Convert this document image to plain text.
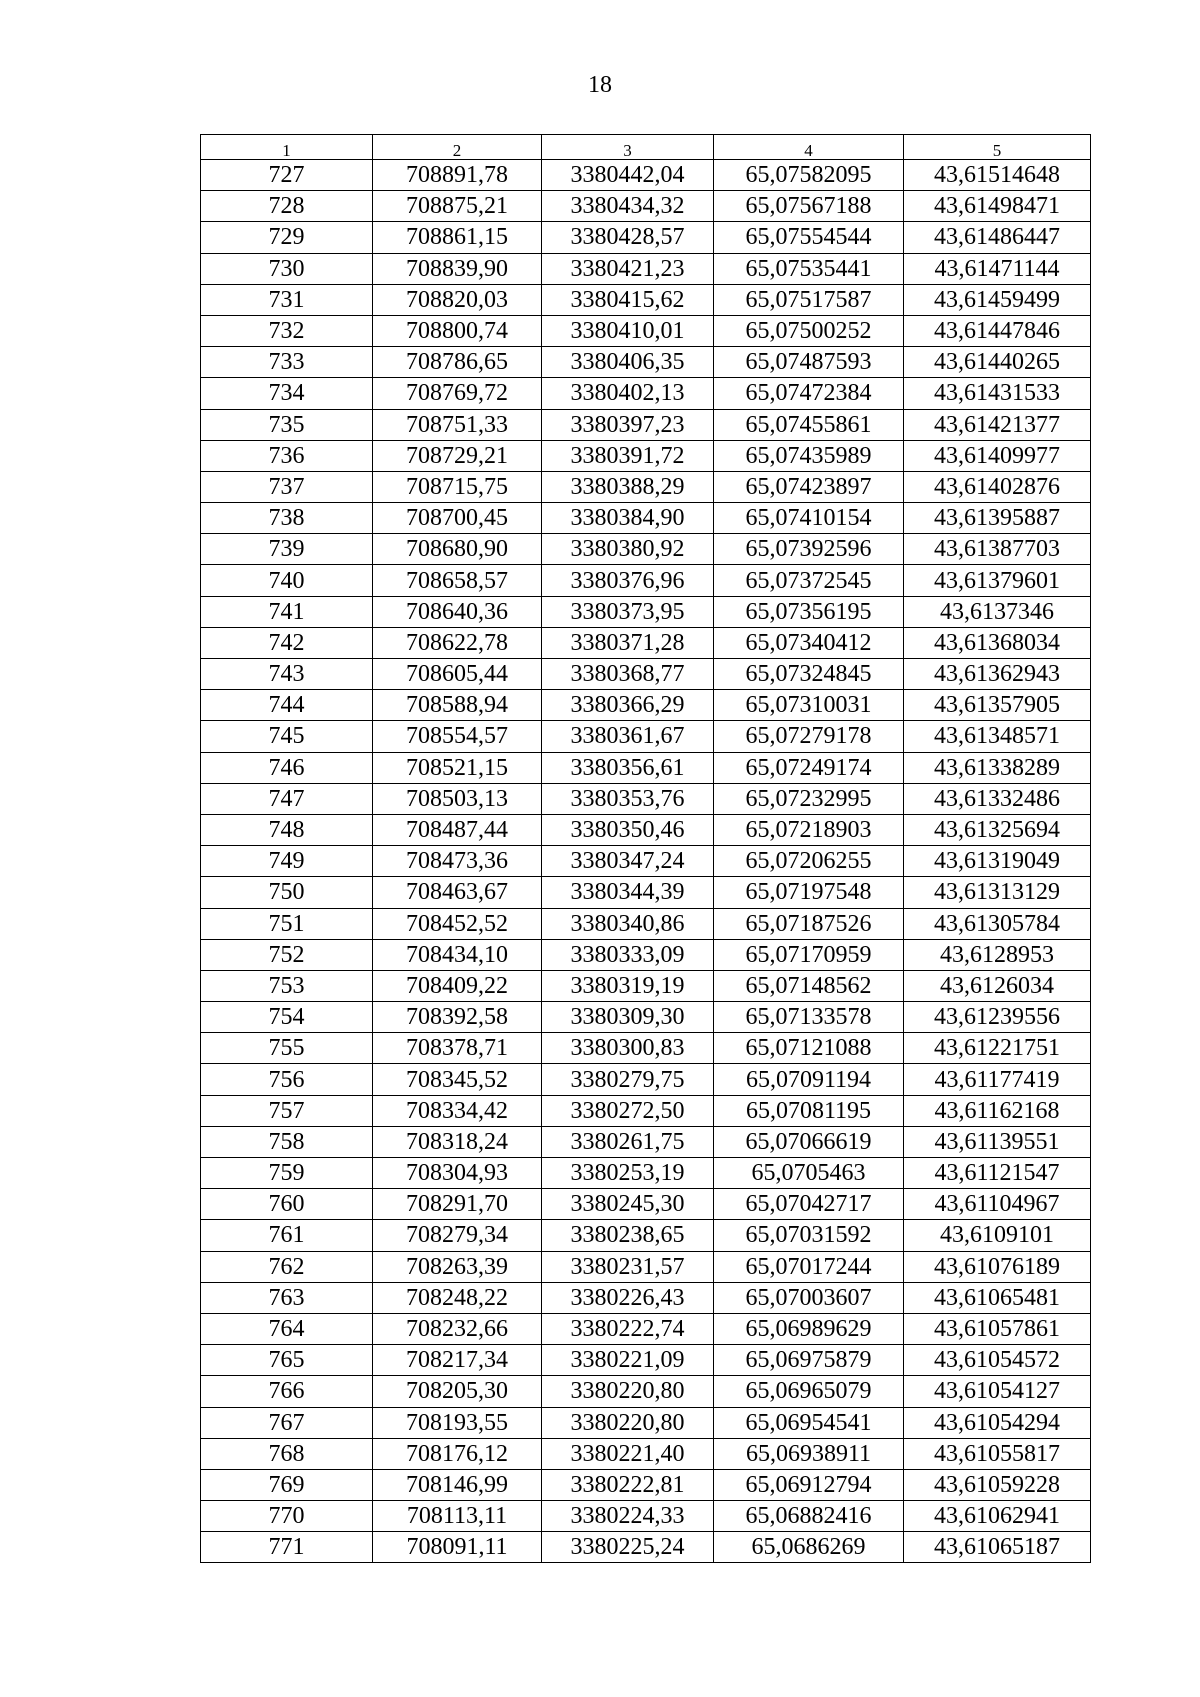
18
1	2	3	4	5
727	708891,78	3380442,04	65,07582095	43,61514648
728	708875,21	3380434,32	65,07567188	43,61498471
729	708861,15	3380428,57	65,07554544	43,61486447
730	708839,90	3380421,23	65,07535441	43,61471144
731	708820,03	3380415,62	65,07517587	43,61459499
732	708800,74	3380410,01	65,07500252	43,61447846
733	708786,65	3380406,35	65,07487593	43,61440265
734	708769,72	3380402,13	65,07472384	43,61431533
735	708751,33	3380397,23	65,07455861	43,61421377
736	708729,21	3380391,72	65,07435989	43,61409977
737	708715,75	3380388,29	65,07423897	43,61402876
738	708700,45	3380384,90	65,07410154	43,61395887
739	708680,90	3380380,92	65,07392596	43,61387703
740	708658,57	3380376,96	65,07372545	43,61379601
741	708640,36	3380373,95	65,07356195	43,6137346
742	708622,78	3380371,28	65,07340412	43,61368034
743	708605,44	3380368,77	65,07324845	43,61362943
744	708588,94	3380366,29	65,07310031	43,61357905
745	708554,57	3380361,67	65,07279178	43,61348571
746	708521,15	3380356,61	65,07249174	43,61338289
747	708503,13	3380353,76	65,07232995	43,61332486
748	708487,44	3380350,46	65,07218903	43,61325694
749	708473,36	3380347,24	65,07206255	43,61319049
750	708463,67	3380344,39	65,07197548	43,61313129
751	708452,52	3380340,86	65,07187526	43,61305784
752	708434,10	3380333,09	65,07170959	43,6128953
753	708409,22	3380319,19	65,07148562	43,6126034
754	708392,58	3380309,30	65,07133578	43,61239556
755	708378,71	3380300,83	65,07121088	43,61221751
756	708345,52	3380279,75	65,07091194	43,61177419
757	708334,42	3380272,50	65,07081195	43,61162168
758	708318,24	3380261,75	65,07066619	43,61139551
759	708304,93	3380253,19	65,0705463	43,61121547
760	708291,70	3380245,30	65,07042717	43,61104967
761	708279,34	3380238,65	65,07031592	43,6109101
762	708263,39	3380231,57	65,07017244	43,61076189
763	708248,22	3380226,43	65,07003607	43,61065481
764	708232,66	3380222,74	65,06989629	43,61057861
765	708217,34	3380221,09	65,06975879	43,61054572
766	708205,30	3380220,80	65,06965079	43,61054127
767	708193,55	3380220,80	65,06954541	43,61054294
768	708176,12	3380221,40	65,06938911	43,61055817
769	708146,99	3380222,81	65,06912794	43,61059228
770	708113,11	3380224,33	65,06882416	43,61062941
771	708091,11	3380225,24	65,0686269	43,61065187
